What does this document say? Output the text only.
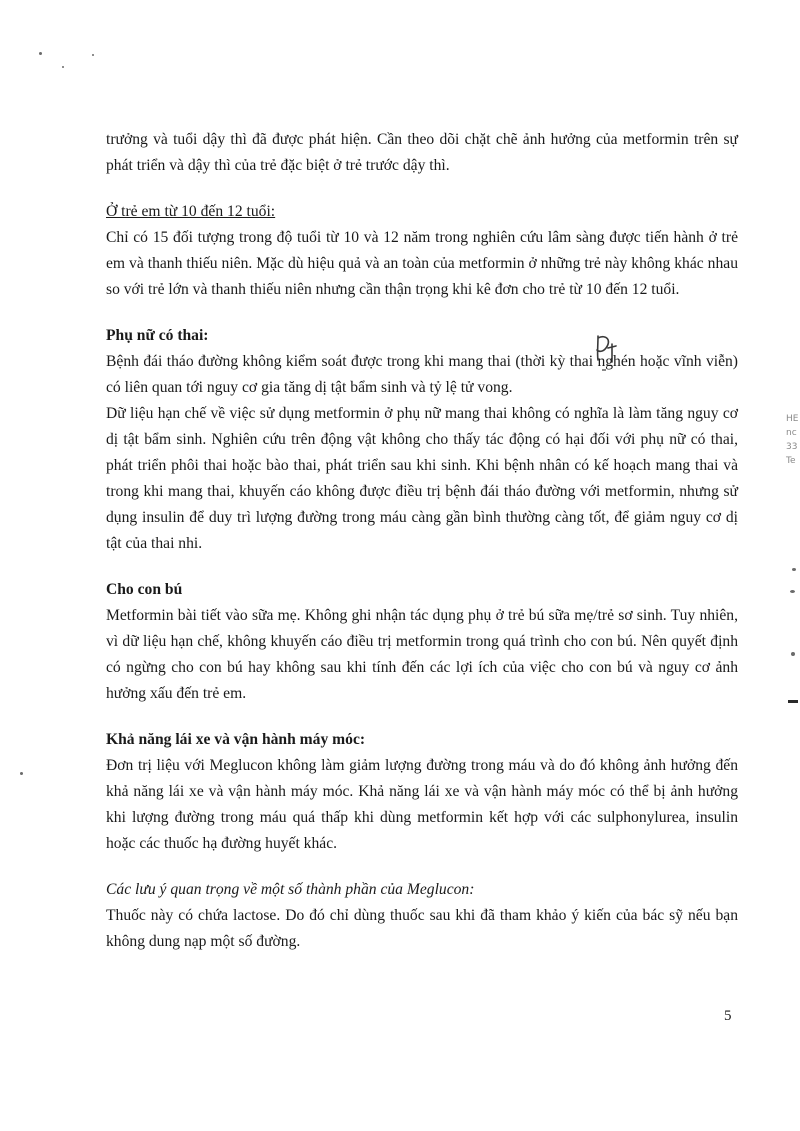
HE
nc
33
Te

trưởng và tuổi dậy thì đã được phát hiện. Cần theo dõi chặt chẽ ảnh hưởng của metformin trên sự phát triển và dậy thì của trẻ đặc biệt ở trẻ trước dậy thì.

Ở trẻ em từ 10 đến 12 tuổi:

Chỉ có 15 đối tượng trong độ tuổi từ 10 và 12 năm trong nghiên cứu lâm sàng được tiến hành ở trẻ em và thanh thiếu niên. Mặc dù hiệu quả và an toàn của metformin ở những trẻ này không khác nhau so với trẻ lớn và thanh thiếu niên nhưng cần thận trọng khi kê đơn cho trẻ từ 10 đến 12 tuổi.

Phụ nữ có thai:

Bệnh đái tháo đường không kiểm soát được trong khi mang thai (thời kỳ thai nghén hoặc vĩnh viễn) có liên quan tới nguy cơ gia tăng dị tật bẩm sinh và tỷ lệ tử vong.

Dữ liệu hạn chế về việc sử dụng metformin ở phụ nữ mang thai không có nghĩa là làm tăng nguy cơ dị tật bẩm sinh. Nghiên cứu trên động vật không cho thấy tác động có hại đối với phụ nữ có thai, phát triển phôi thai hoặc bào thai, phát triển sau khi sinh. Khi bệnh nhân có kế hoạch mang thai và trong khi mang thai, khuyến cáo không được điều trị bệnh đái tháo đường với metformin, nhưng sử dụng insulin để duy trì lượng đường trong máu càng gần bình thường càng tốt, để giảm nguy cơ dị tật của thai nhi.

Cho con bú

Metformin bài tiết vào sữa mẹ. Không ghi nhận tác dụng phụ ở trẻ bú sữa mẹ/trẻ sơ sinh. Tuy nhiên, vì dữ liệu hạn chế, không khuyến cáo điều trị metformin trong quá trình cho con bú. Nên quyết định có ngừng cho con bú hay không sau khi tính đến các lợi ích của việc cho con bú và nguy cơ ảnh hưởng xấu đến trẻ em.

Khả năng lái xe và vận hành máy móc:

Đơn trị liệu với Meglucon không làm giảm lượng đường trong máu và do đó không ảnh hưởng đến khả năng lái xe và vận hành máy móc. Khả năng lái xe và vận hành máy móc có thể bị ảnh hưởng khi lượng đường trong máu quá thấp khi dùng metformin kết hợp với các sulphonylurea, insulin hoặc các thuốc hạ đường huyết khác.

Các lưu ý quan trọng về một số thành phần của Meglucon:

Thuốc này có chứa lactose. Do đó chỉ dùng thuốc sau khi đã tham khảo ý kiến của bác sỹ nếu bạn không dung nạp một số đường.

5
